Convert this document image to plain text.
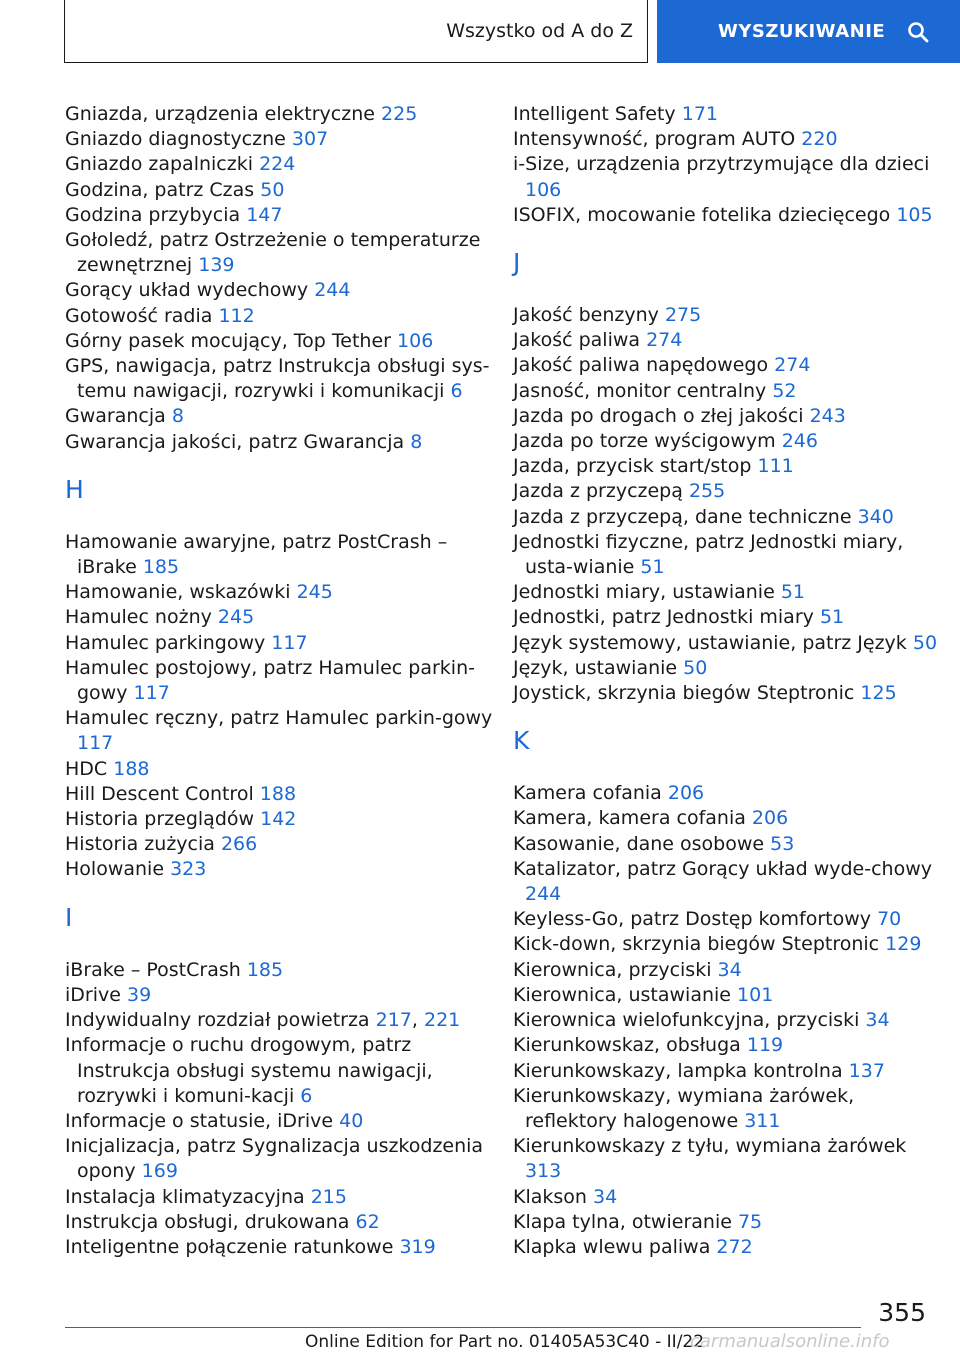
Wszystko od A do Z	WYSZUKIWANIE
Gniazda, urządzenia elektryczne 225
Gniazdo diagnostyczne 307
Gniazdo zapalniczki 224
Godzina, patrz Czas 50
Godzina przybycia 147
Gołoledź, patrz Ostrzeżenie o temperaturze zewnętrznej 139
Gorący układ wydechowy 244
Gotowość radia 112
Górny pasek mocujący, Top Tether 106
GPS, nawigacja, patrz Instrukcja obsługi sys-temu nawigacji, rozrywki i komunikacji 6
Gwarancja 8
Gwarancja jakości, patrz Gwarancja 8
H
Hamowanie awaryjne, patrz PostCrash – iBrake 185
Hamowanie, wskazówki 245
Hamulec nożny 245
Hamulec parkingowy 117
Hamulec postojowy, patrz Hamulec parkin-gowy 117
Hamulec ręczny, patrz Hamulec parkin-gowy 117
HDC 188
Hill Descent Control 188
Historia przeglądów 142
Historia zużycia 266
Holowanie 323
I
iBrake – PostCrash 185
iDrive 39
Indywidualny rozdział powietrza 217, 221
Informacje o ruchu drogowym, patrz Instrukcja obsługi systemu nawigacji, rozrywki i komuni-kacji 6
Informacje o statusie, iDrive 40
Inicjalizacja, patrz Sygnalizacja uszkodzenia opony 169
Instalacja klimatyzacyjna 215
Instrukcja obsługi, drukowana 62
Inteligentne połączenie ratunkowe 319
Intelligent Safety 171
Intensywność, program AUTO 220
i-Size, urządzenia przytrzymujące dla dzieci 106
ISOFIX, mocowanie fotelika dziecięcego 105
J
Jakość benzyny 275
Jakość paliwa 274
Jakość paliwa napędowego 274
Jasność, monitor centralny 52
Jazda po drogach o złej jakości 243
Jazda po torze wyścigowym 246
Jazda, przycisk start/stop 111
Jazda z przyczepą 255
Jazda z przyczepą, dane techniczne 340
Jednostki fizyczne, patrz Jednostki miary, usta-wianie 51
Jednostki miary, ustawianie 51
Jednostki, patrz Jednostki miary 51
Język systemowy, ustawianie, patrz Język 50
Język, ustawianie 50
Joystick, skrzynia biegów Steptronic 125
K
Kamera cofania 206
Kamera, kamera cofania 206
Kasowanie, dane osobowe 53
Katalizator, patrz Gorący układ wyde-chowy 244
Keyless-Go, patrz Dostęp komfortowy 70
Kick-down, skrzynia biegów Steptronic 129
Kierownica, przyciski 34
Kierownica, ustawianie 101
Kierownica wielofunkcyjna, przyciski 34
Kierunkowskaz, obsługa 119
Kierunkowskazy, lampka kontrolna 137
Kierunkowskazy, wymiana żarówek, reflektory halogenowe 311
Kierunkowskazy z tyłu, wymiana żarówek 313
Klakson 34
Klapa tylna, otwieranie 75
Klapka wlewu paliwa 272
355
Online Edition for Part no. 01405A53C40 - II/22
carmanualsonline.info
